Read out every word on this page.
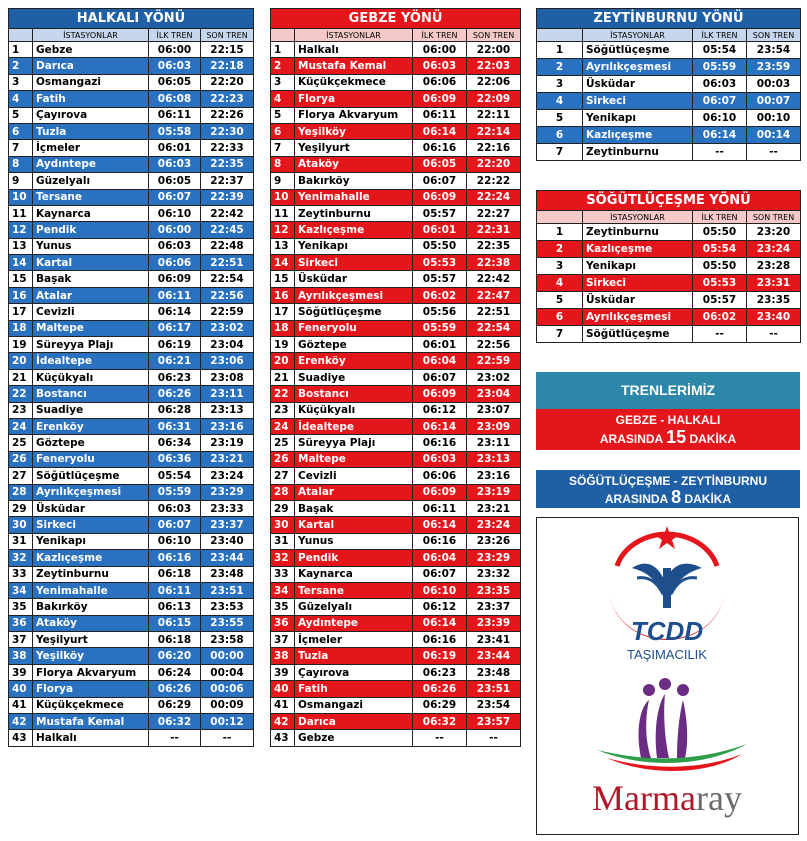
HALKALI YÖNÜ			
	İSTASYONLAR	İLK TREN	SON TREN
1	Gebze	06:00	22:15
2	Darıca	06:03	22:18
3	Osmangazi	06:05	22:20
4	Fatih	06:08	22:23
5	Çayırova	06:11	22:26
6	Tuzla	05:58	22:30
7	İçmeler	06:01	22:33
8	Aydıntepe	06:03	22:35
9	Güzelyalı	06:05	22:37
10	Tersane	06:07	22:39
11	Kaynarca	06:10	22:42
12	Pendik	06:00	22:45
13	Yunus	06:03	22:48
14	Kartal	06:06	22:51
15	Başak	06:09	22:54
16	Atalar	06:11	22:56
17	Cevizli	06:14	22:59
18	Maltepe	06:17	23:02
19	Süreyya Plajı	06:19	23:04
20	İdealtepe	06:21	23:06
21	Küçükyalı	06:23	23:08
22	Bostancı	06:26	23:11
23	Suadiye	06:28	23:13
24	Erenköy	06:31	23:16
25	Göztepe	06:34	23:19
26	Feneryolu	06:36	23:21
27	Söğütlüçeşme	05:54	23:24
28	Ayrılıkçeşmesi	05:59	23:29
29	Üsküdar	06:03	23:33
30	Sirkeci	06:07	23:37
31	Yenikapı	06:10	23:40
32	Kazlıçeşme	06:16	23:44
33	Zeytinburnu	06:18	23:48
34	Yenimahalle	06:11	23:51
35	Bakırköy	06:13	23:53
36	Ataköy	06:15	23:55
37	Yeşilyurt	06:18	23:58
38	Yeşilköy	06:20	00:00
39	Florya Akvaryum	06:24	00:04
40	Florya	06:26	00:06
41	Küçükçekmece	06:29	00:09
42	Mustafa Kemal	06:32	00:12
43	Halkalı	--	--
GEBZE YÖNÜ			
	İSTASYONLAR	İLK TREN	SON TREN
1	Halkalı	06:00	22:00
2	Mustafa Kemal	06:03	22:03
3	Küçükçekmece	06:06	22:06
4	Florya	06:09	22:09
5	Florya Akvaryum	06:11	22:11
6	Yeşilköy	06:14	22:14
7	Yeşilyurt	06:16	22:16
8	Ataköy	06:05	22:20
9	Bakırköy	06:07	22:22
10	Yenimahalle	06:09	22:24
11	Zeytinburnu	05:57	22:27
12	Kazlıçeşme	06:01	22:31
13	Yenikapı	05:50	22:35
14	Sirkeci	05:53	22:38
15	Üsküdar	05:57	22:42
16	Ayrılıkçeşmesi	06:02	22:47
17	Söğütlüçeşme	05:56	22:51
18	Feneryolu	05:59	22:54
19	Göztepe	06:01	22:56
20	Erenköy	06:04	22:59
21	Suadiye	06:07	23:02
22	Bostancı	06:09	23:04
23	Küçükyalı	06:12	23:07
24	İdealtepe	06:14	23:09
25	Süreyya Plajı	06:16	23:11
26	Maltepe	06:03	23:13
27	Cevizli	06:06	23:16
28	Atalar	06:09	23:19
29	Başak	06:11	23:21
30	Kartal	06:14	23:24
31	Yunus	06:16	23:26
32	Pendik	06:04	23:29
33	Kaynarca	06:07	23:32
34	Tersane	06:10	23:35
35	Güzelyalı	06:12	23:37
36	Aydıntepe	06:14	23:39
37	İçmeler	06:16	23:41
38	Tuzla	06:19	23:44
39	Çayırova	06:23	23:48
40	Fatih	06:26	23:51
41	Osmangazi	06:29	23:54
42	Darıca	06:32	23:57
43	Gebze	--	--
ZEYTİNBURNU YÖNÜ			
	İSTASYONLAR	İLK TREN	SON TREN
1	Söğütlüçeşme	05:54	23:54
2	Ayrılıkçeşmesi	05:59	23:59
3	Üsküdar	06:03	00:03
4	Sirkeci	06:07	00:07
5	Yenikapı	06:10	00:10
6	Kazlıçeşme	06:14	00:14
7	Zeytinburnu	--	--
SÖĞÜTLÜÇEŞME YÖNÜ			
	İSTASYONLAR	İLK TREN	SON TREN
1	Zeytinburnu	05:50	23:20
2	Kazlıçeşme	05:54	23:24
3	Yenikapı	05:50	23:28
4	Sirkeci	05:53	23:31
5	Üsküdar	05:57	23:35
6	Ayrılıkçeşmesi	06:02	23:40
7	Söğütlüçeşme	--	--
TRENLERİMİZ
GEBZE - HALKALI
ARASINDA 15 DAKİKA
SÖĞÜTLÜÇEŞME - ZEYTİNBURNU
ARASINDA 8 DAKİKA
TCDD
TAŞIMACILIK
Marmaray
